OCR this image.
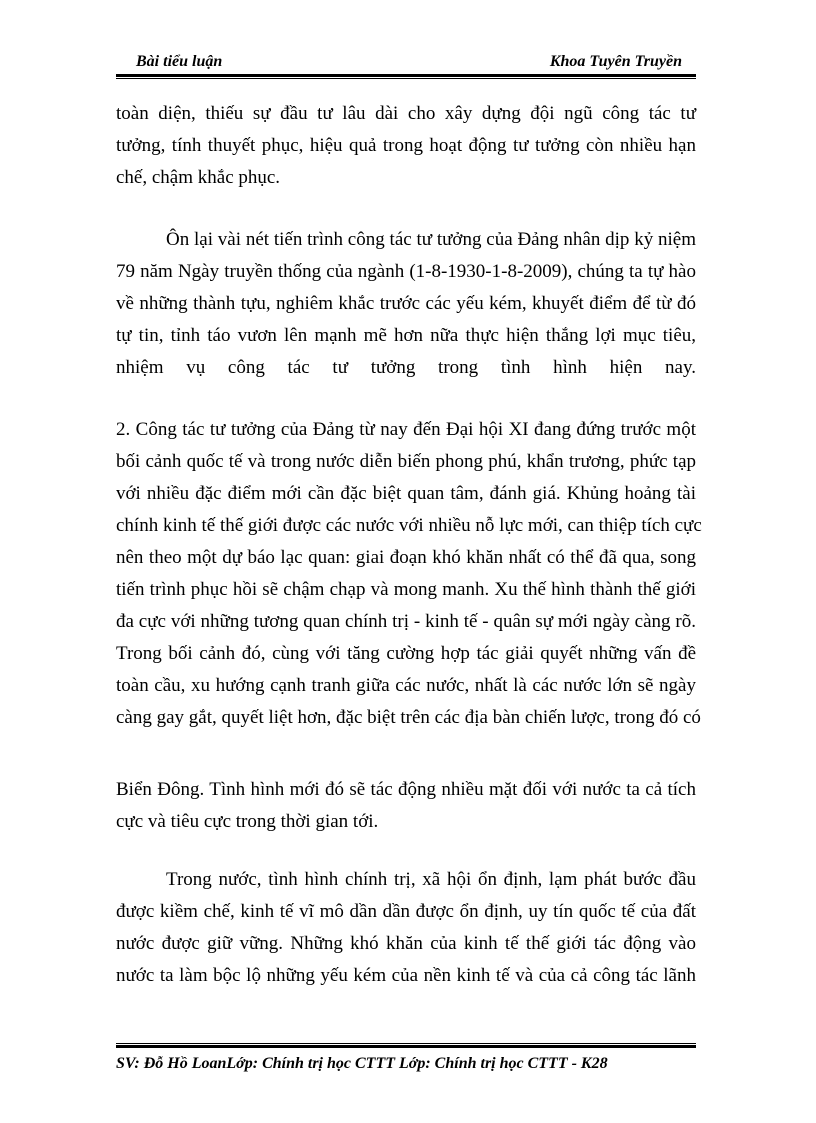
Bài tiểu luận	Khoa Tuyên Truyền
toàn diện, thiếu sự đầu tư lâu dài cho xây dựng đội ngũ công tác tư
tưởng, tính thuyết phục, hiệu quả trong hoạt động tư tưởng còn nhiều hạn
chế, chậm khắc phục.
Ôn lại vài nét tiến trình công tác tư tưởng của Đảng nhân dịp kỷ niệm
79 năm Ngày truyền thống của ngành (1-8-1930-1-8-2009), chúng ta tự hào
về những thành tựu, nghiêm khắc trước các yếu kém, khuyết điểm để từ đó
tự tin, tỉnh táo vươn lên mạnh mẽ hơn nữa thực hiện thắng lợi mục tiêu,
nhiệm vụ công tác tư tưởng trong tình hình hiện nay.
2. Công tác tư tưởng của Đảng từ nay đến Đại hội XI đang đứng trước một
bối cảnh quốc tế và trong nước diễn biến phong phú, khẩn trương, phức tạp
với nhiều đặc điểm mới cần đặc biệt quan tâm, đánh giá. Khủng hoảng tài
chính kinh tế thế giới được các nước với nhiều nỗ lực mới, can thiệp tích cực
nên theo một dự báo lạc quan: giai đoạn khó khăn nhất có thể đã qua, song
tiến trình phục hồi sẽ chậm chạp và mong manh. Xu thế hình thành thế giới
đa cực với những tương quan chính trị - kinh tế - quân sự mới ngày càng rõ.
Trong bối cảnh đó, cùng với tăng cường hợp tác giải quyết những vấn đề
toàn cầu, xu hướng cạnh tranh giữa các nước, nhất là các nước lớn sẽ ngày
càng gay gắt, quyết liệt hơn, đặc biệt trên các địa bàn chiến lược, trong đó có
Biển Đông. Tình hình mới đó sẽ tác động nhiều mặt đối với nước ta cả tích
cực và tiêu cực trong thời gian tới.
Trong nước, tình hình chính trị, xã hội ổn định, lạm phát bước đầu
được kiềm chế, kinh tế vĩ mô dần dần được ổn định, uy tín quốc tế của đất
nước được giữ vững. Những khó khăn của kinh tế thế giới tác động vào
nước ta làm bộc lộ những yếu kém của nền kinh tế và của cả công tác lãnh
SV: Đỗ Hồ LoanLớp: Chính trị học CTTT Lớp: Chính trị học CTTT - K28
